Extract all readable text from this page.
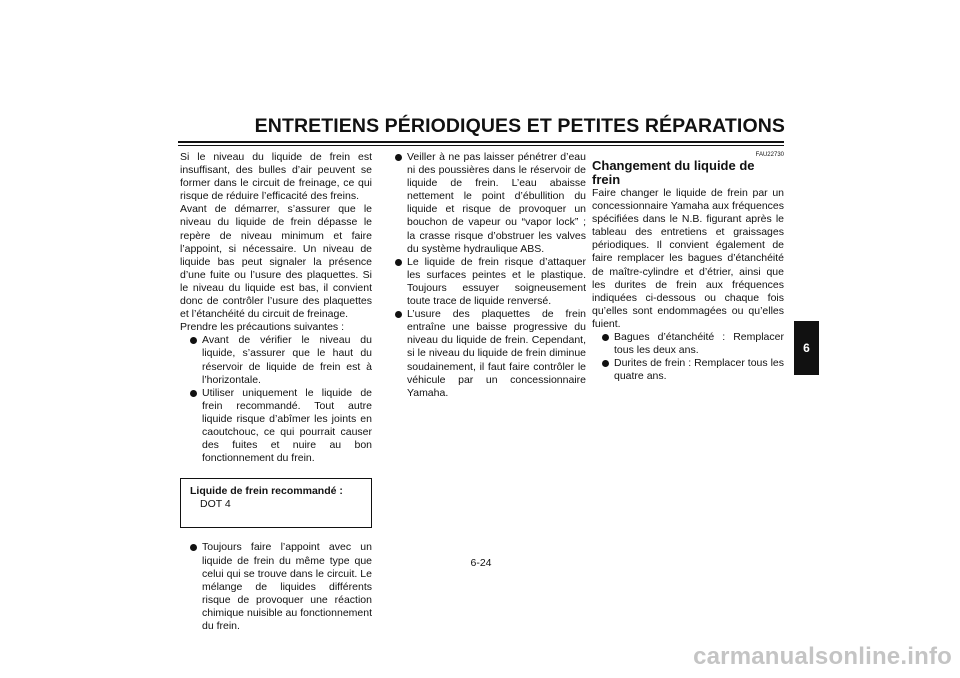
ENTRETIENS PÉRIODIQUES ET PETITES RÉPARATIONS

Si le niveau du liquide de frein est insuffisant, des bulles d’air peuvent se former dans le circuit de freinage, ce qui risque de réduire l’efficacité des freins.

Avant de démarrer, s’assurer que le niveau du liquide de frein dépasse le repère de niveau minimum et faire l’appoint, si nécessaire. Un niveau de liquide bas peut signaler la présence d’une fuite ou l’usure des plaquettes. Si le niveau du liquide est bas, il convient donc de contrôler l’usure des plaquettes et l’étanchéité du circuit de freinage.

Prendre les précautions suivantes :

Avant de vérifier le niveau du liquide, s’assurer que le haut du réservoir de liquide de frein est à l’horizontale.
Utiliser uniquement le liquide de frein recommandé. Tout autre liquide risque d’abîmer les joints en caoutchouc, ce qui pourrait causer des fuites et nuire au bon fonctionnement du frein.
Liquide de frein recommandé :
DOT 4
Toujours faire l’appoint avec un liquide de frein du même type que celui qui se trouve dans le circuit. Le mélange de liquides différents risque de provoquer une réaction chimique nuisible au fonctionnement du frein.
Veiller à ne pas laisser pénétrer d’eau ni des poussières dans le réservoir de liquide de frein. L’eau abaisse nettement le point d’ébullition du liquide et risque de provoquer un bouchon de vapeur ou “vapor lock” ; la crasse risque d’obstruer les valves du système hydraulique ABS.
Le liquide de frein risque d’attaquer les surfaces peintes et le plastique. Toujours essuyer soigneusement toute trace de liquide renversé.
L’usure des plaquettes de frein entraîne une baisse progressive du niveau du liquide de frein. Cependant, si le niveau du liquide de frein diminue soudainement, il faut faire contrôler le véhicule par un concessionnaire Yamaha.
FAU22730
Changement du liquide de frein

Faire changer le liquide de frein par un concessionnaire Yamaha aux fréquences spécifiées dans le N.B. figurant après le tableau des entretiens et graissages périodiques. Il convient également de faire remplacer les bagues d’étanchéité de maître-cylindre et d’étrier, ainsi que les durites de frein aux fréquences indiquées ci-dessous ou chaque fois qu’elles sont endommagées ou qu’elles fuient.

Bagues d’étanchéité : Remplacer tous les deux ans.
Durites de frein : Remplacer tous les quatre ans.
6
6-24
carmanualsonline.info
